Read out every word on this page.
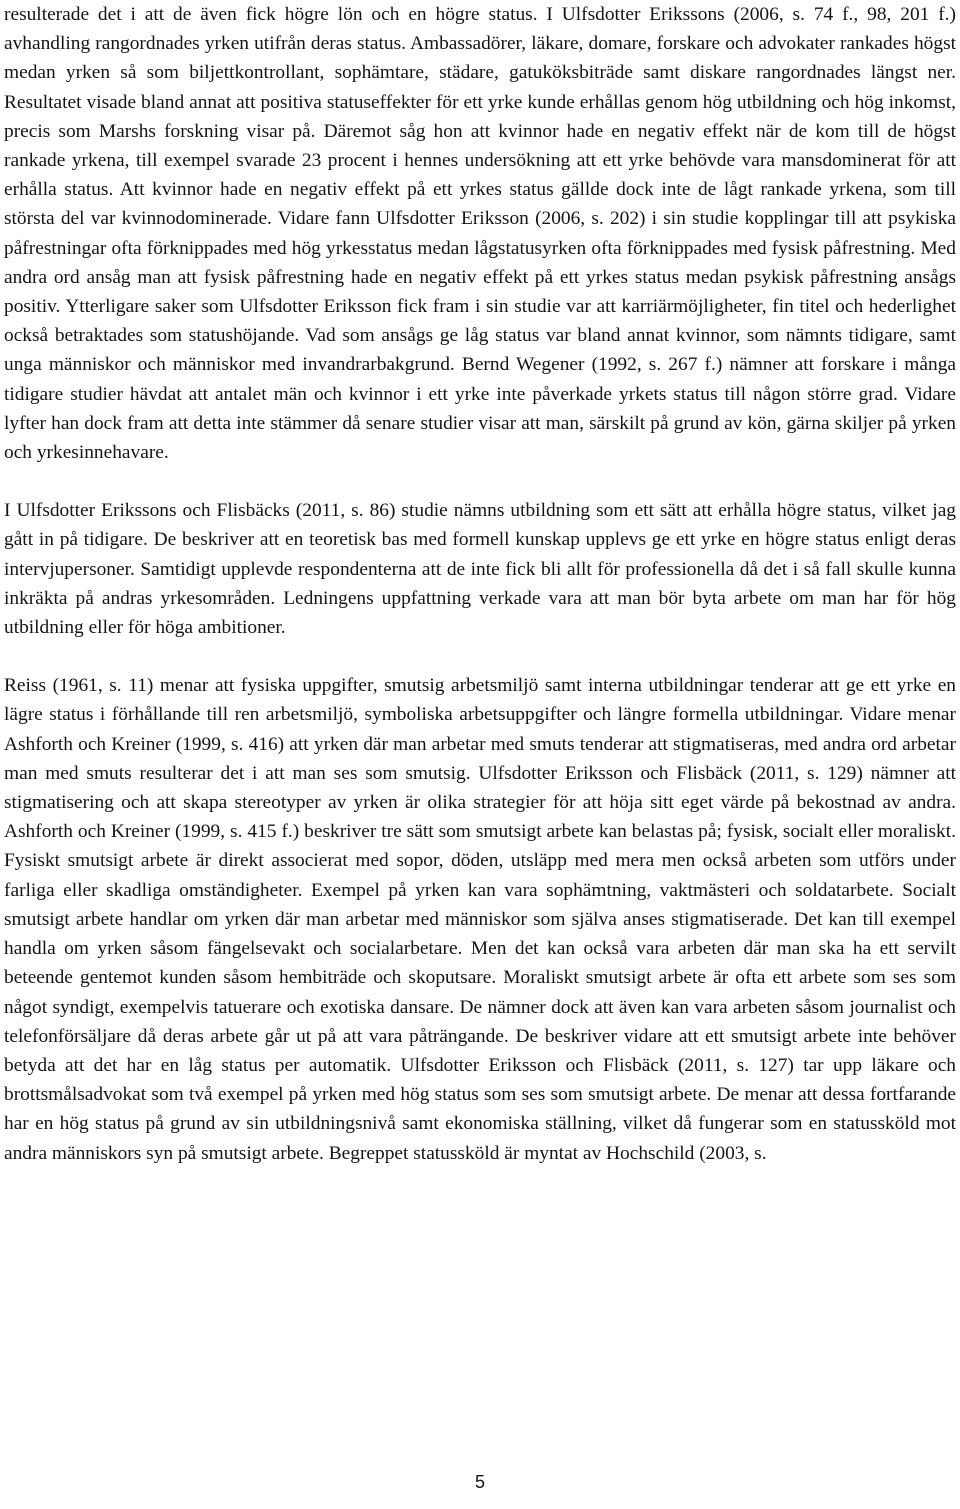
resulterade det i att de även fick högre lön och en högre status. I Ulfsdotter Erikssons (2006, s. 74 f., 98, 201 f.) avhandling rangordnades yrken utifrån deras status. Ambassadörer, läkare, domare, forskare och advokater rankades högst medan yrken så som biljettkontrollant, sophämtare, städare, gatuköksbiträde samt diskare rangordnades längst ner. Resultatet visade bland annat att positiva statuseffekter för ett yrke kunde erhållas genom hög utbildning och hög inkomst, precis som Marshs forskning visar på. Däremot såg hon att kvinnor hade en negativ effekt när de kom till de högst rankade yrkena, till exempel svarade 23 procent i hennes undersökning att ett yrke behövde vara mansdominerat för att erhålla status. Att kvinnor hade en negativ effekt på ett yrkes status gällde dock inte de lågt rankade yrkena, som till största del var kvinnodominerade. Vidare fann Ulfsdotter Eriksson (2006, s. 202) i sin studie kopplingar till att psykiska påfrestningar ofta förknippades med hög yrkesstatus medan lågstatusyrken ofta förknippades med fysisk påfrestning. Med andra ord ansåg man att fysisk påfrestning hade en negativ effekt på ett yrkes status medan psykisk påfrestning ansågs positiv. Ytterligare saker som Ulfsdotter Eriksson fick fram i sin studie var att karriärmöjligheter, fin titel och hederlighet också betraktades som statushöjande. Vad som ansågs ge låg status var bland annat kvinnor, som nämnts tidigare, samt unga människor och människor med invandrarbakgrund. Bernd Wegener (1992, s. 267 f.) nämner att forskare i många tidigare studier hävdat att antalet män och kvinnor i ett yrke inte påverkade yrkets status till någon större grad. Vidare lyfter han dock fram att detta inte stämmer då senare studier visar att man, särskilt på grund av kön, gärna skiljer på yrken och yrkesinnehavare.

I Ulfsdotter Erikssons och Flisbäcks (2011, s. 86) studie nämns utbildning som ett sätt att erhålla högre status, vilket jag gått in på tidigare. De beskriver att en teoretisk bas med formell kunskap upplevs ge ett yrke en högre status enligt deras intervjupersoner. Samtidigt upplevde respondenterna att de inte fick bli allt för professionella då det i så fall skulle kunna inkräkta på andras yrkesområden. Ledningens uppfattning verkade vara att man bör byta arbete om man har för hög utbildning eller för höga ambitioner.

Reiss (1961, s. 11) menar att fysiska uppgifter, smutsig arbetsmiljö samt interna utbildningar tenderar att ge ett yrke en lägre status i förhållande till ren arbetsmiljö, symboliska arbetsuppgifter och längre formella utbildningar. Vidare menar Ashforth och Kreiner (1999, s. 416) att yrken där man arbetar med smuts tenderar att stigmatiseras, med andra ord arbetar man med smuts resulterar det i att man ses som smutsig. Ulfsdotter Eriksson och Flisbäck (2011, s. 129) nämner att stigmatisering och att skapa stereotyper av yrken är olika strategier för att höja sitt eget värde på bekostnad av andra. Ashforth och Kreiner (1999, s. 415 f.) beskriver tre sätt som smutsigt arbete kan belastas på; fysisk, socialt eller moraliskt. Fysiskt smutsigt arbete är direkt associerat med sopor, döden, utsläpp med mera men också arbeten som utförs under farliga eller skadliga omständigheter. Exempel på yrken kan vara sophämtning, vaktmästeri och soldatarbete. Socialt smutsigt arbete handlar om yrken där man arbetar med människor som själva anses stigmatiserade. Det kan till exempel handla om yrken såsom fängelsevakt och socialarbetare. Men det kan också vara arbeten där man ska ha ett servilt beteende gentemot kunden såsom hembiträde och skoputsare. Moraliskt smutsigt arbete är ofta ett arbete som ses som något syndigt, exempelvis tatuerare och exotiska dansare. De nämner dock att även kan vara arbeten såsom journalist och telefonförsäljare då deras arbete går ut på att vara påträngande. De beskriver vidare att ett smutsigt arbete inte behöver betyda att det har en låg status per automatik. Ulfsdotter Eriksson och Flisbäck (2011, s. 127) tar upp läkare och brottsmålsadvokat som två exempel på yrken med hög status som ses som smutsigt arbete. De menar att dessa fortfarande har en hög status på grund av sin utbildningsnivå samt ekonomiska ställning, vilket då fungerar som en statussköld mot andra människors syn på smutsigt arbete. Begreppet statussköld är myntat av Hochschild (2003, s.

5
